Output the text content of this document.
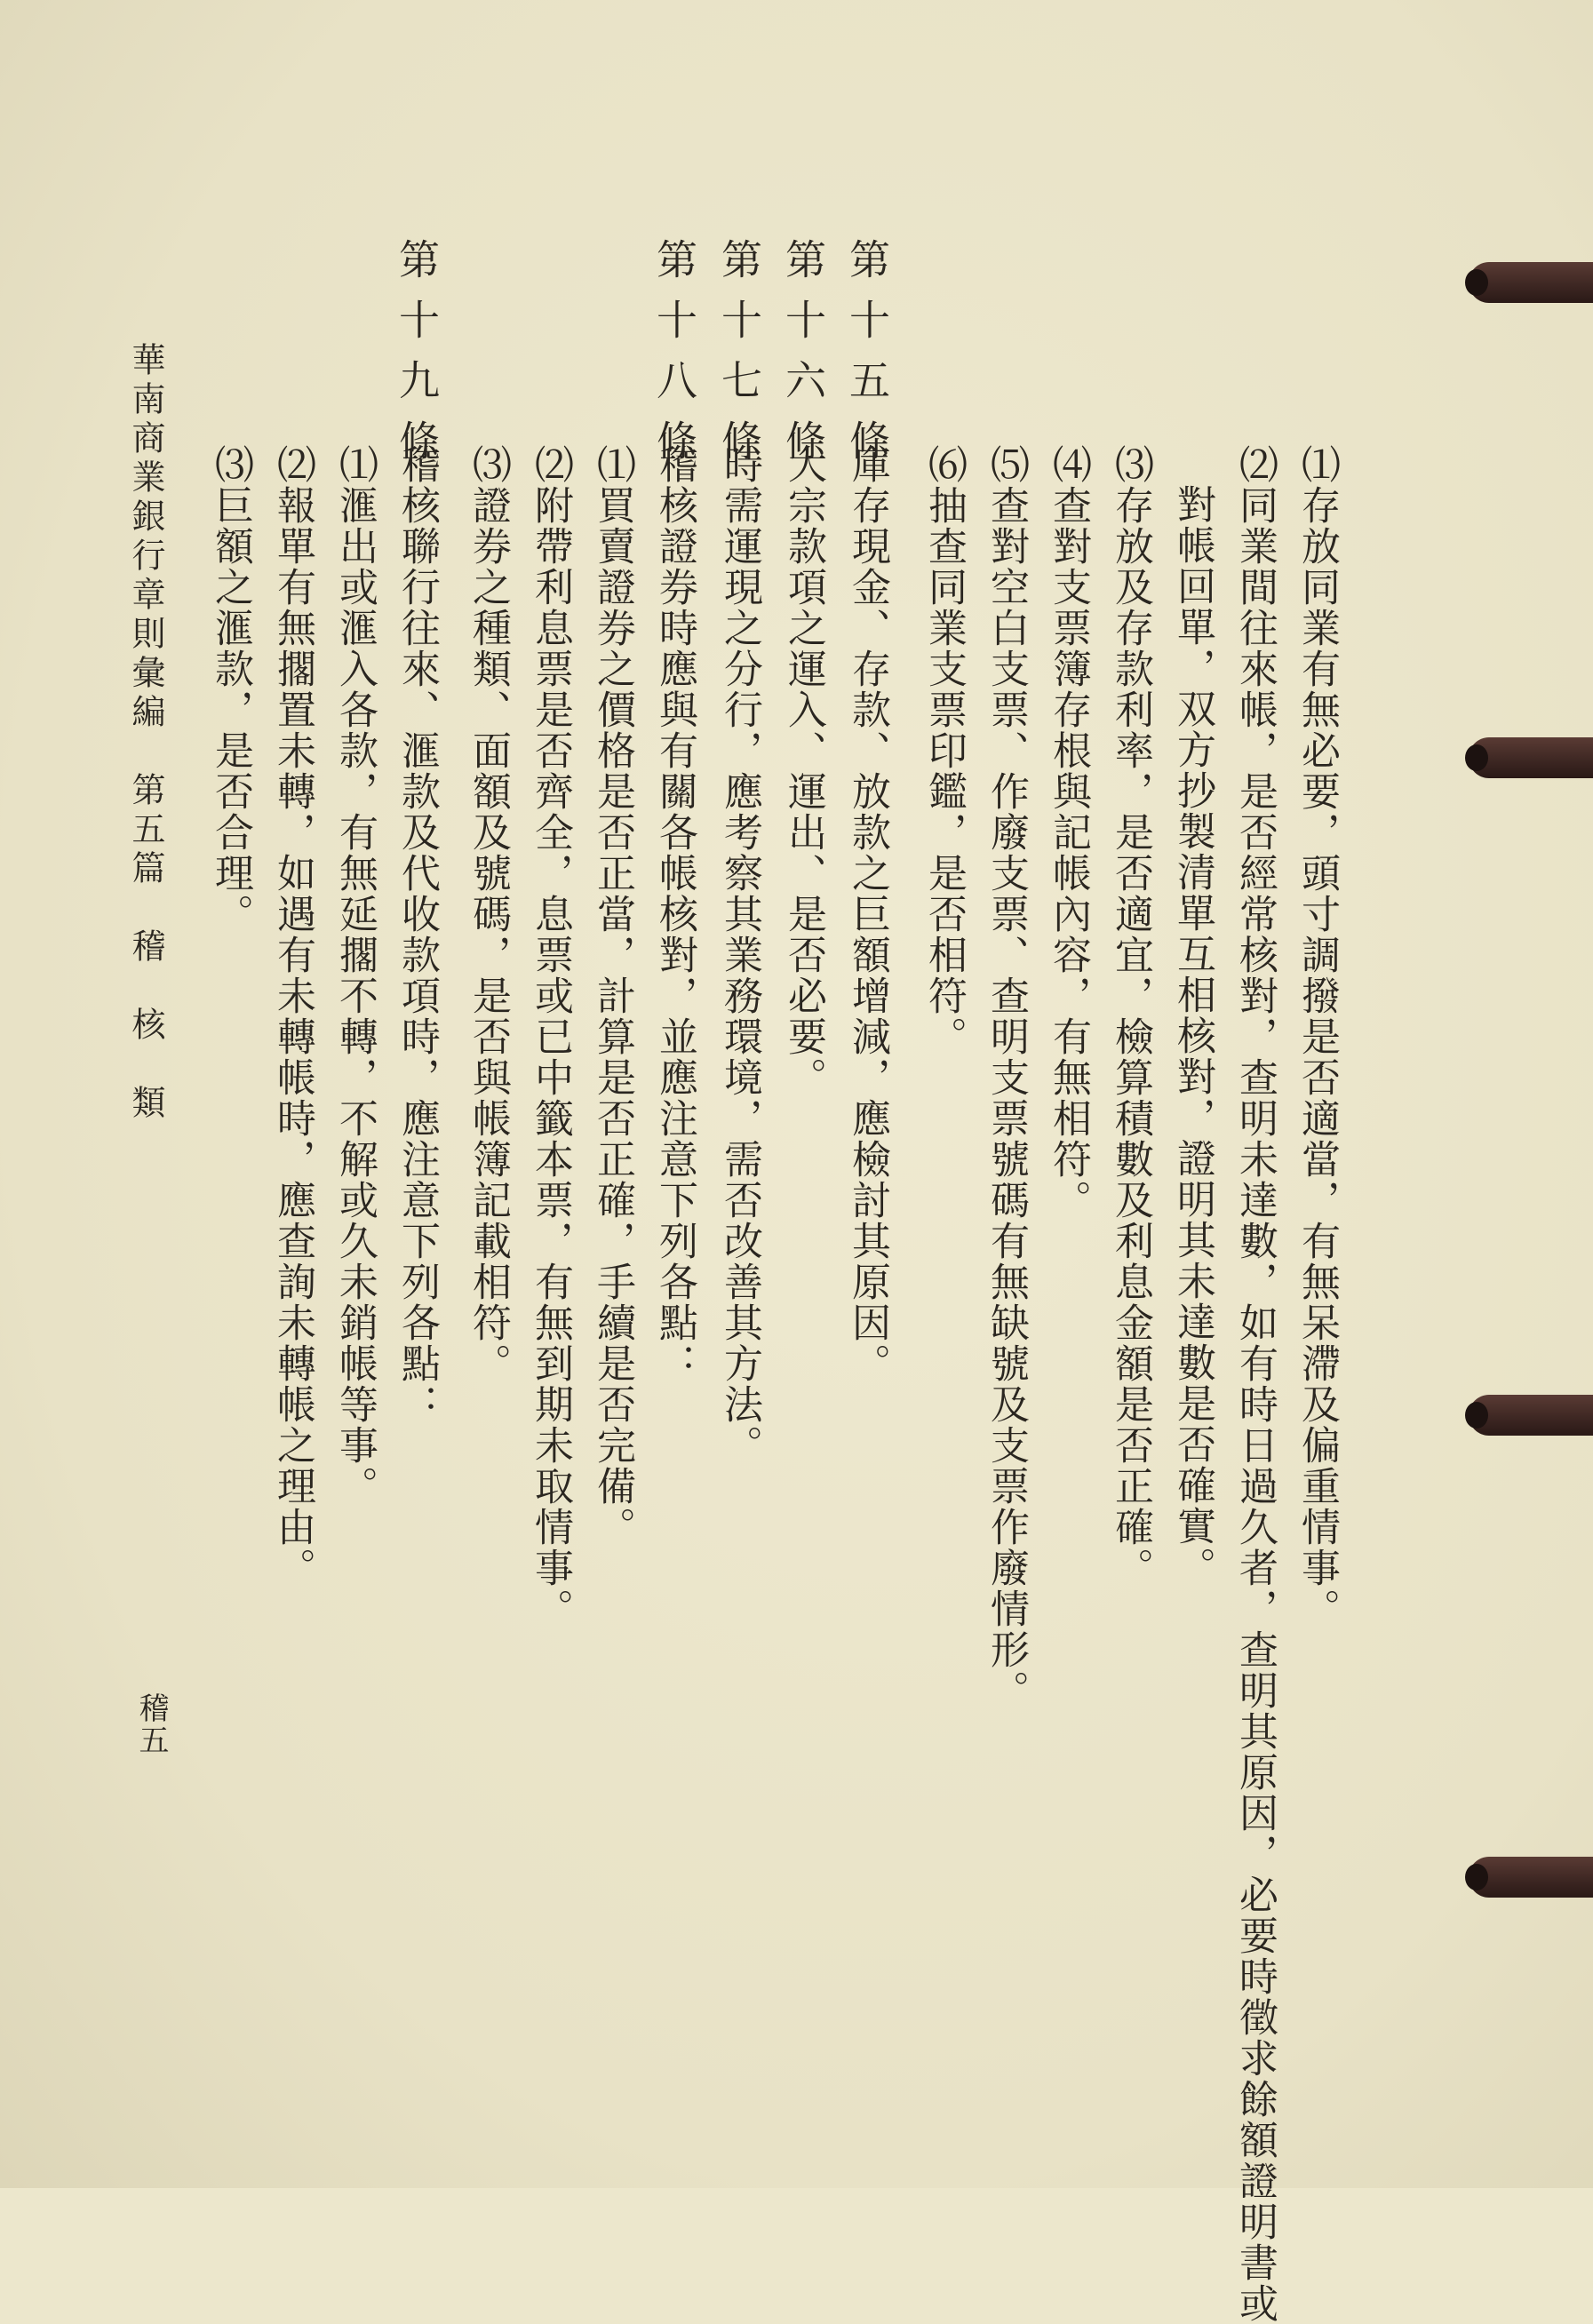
⑴存放同業有無必要，頭寸調撥是否適當，有無呆滯及偏重情事。
⑵同業間往來帳，是否經常核對，查明未達數，如有時日過久者，查明其原因，必要時徵求餘額證明書或
對帳回單，双方抄製清單互相核對，證明其未達數是否確實。
⑶存放及存款利率，是否適宜，檢算積數及利息金額是否正確。
⑷查對支票簿存根與記帳內容，有無相符。
⑸查對空白支票、作廢支票、查明支票號碼有無缺號及支票作廢情形。
⑹抽查同業支票印鑑，是否相符。
第十五條
庫存現金、存款、放款之巨額增減，應檢討其原因。
第十六條
大宗款項之運入、運出、是否必要。
第十七條
時需運現之分行，應考察其業務環境，需否改善其方法。
第十八條
稽核證券時應與有關各帳核對，並應注意下列各點：
⑴買賣證券之價格是否正當，計算是否正確，手續是否完備。
⑵附帶利息票是否齊全，息票或已中籤本票，有無到期未取情事。
⑶證券之種類、面額及號碼，是否與帳簿記載相符。
第十九條
稽核聯行往來、滙款及代收款項時，應注意下列各點：
⑴滙出或滙入各款，有無延擱不轉，不解或久未銷帳等事。
⑵報單有無擱置未轉，如遇有未轉帳時，應查詢未轉帳之理由。
⑶巨額之滙款，是否合理。
華南商業銀行章則彙編　第五篇　稽　核　類
稽五
